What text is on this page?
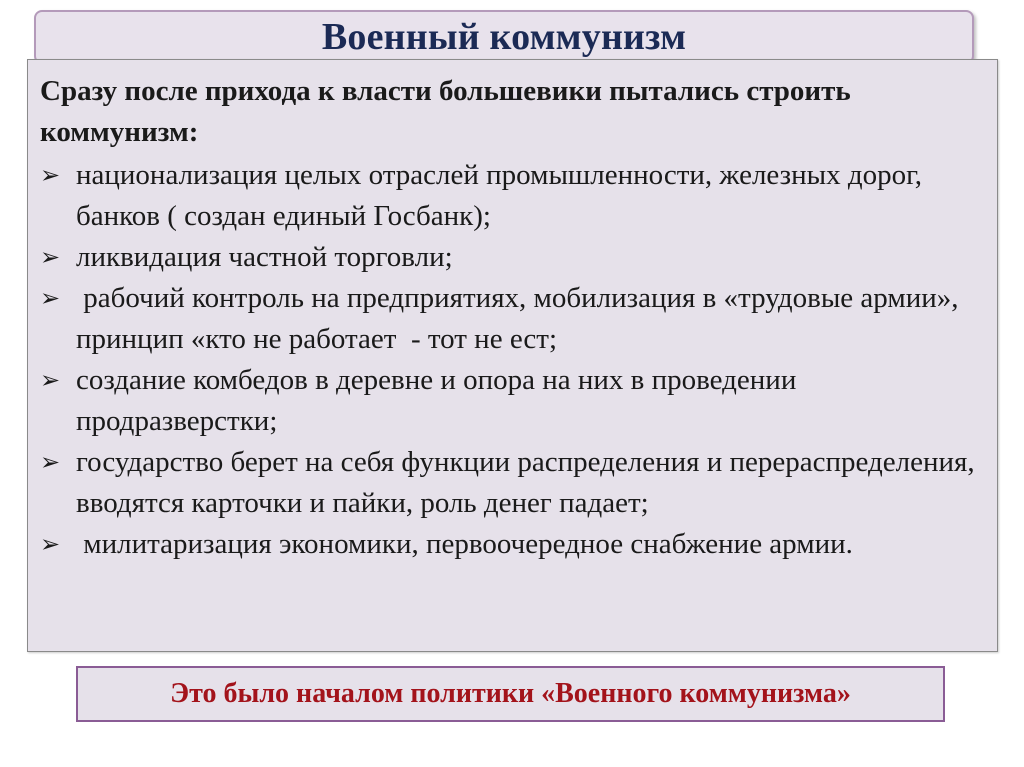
Военный коммунизм

Сразу после прихода к власти большевики пытались строить коммунизм:

➢ национализация целых отраслей промышленности, железных дорог, банков ( создан единый Госбанк);
➢ ликвидация частной торговли;
➢ рабочий контроль на предприятиях, мобилизация в «трудовые армии»,  принцип «кто не работает  - тот не ест;
➢ создание комбедов в деревне и опора на них в проведении продразверстки;
➢ государство берет на себя функции распределения и перераспределения, вводятся карточки и пайки, роль денег падает;
➢ милитаризация экономики, первоочередное снабжение армии.
Это было началом политики «Военного коммунизма»
